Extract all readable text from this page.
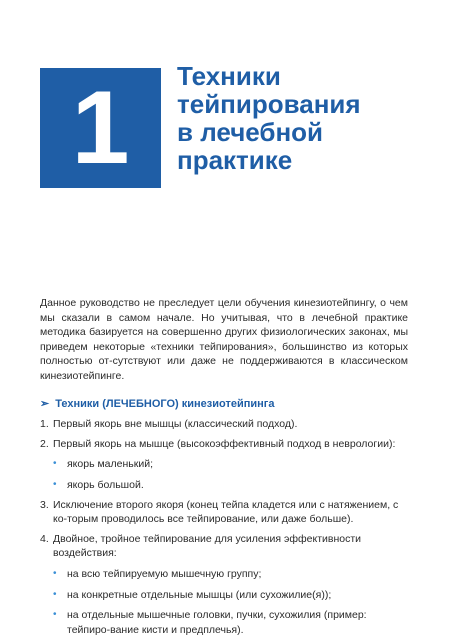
1 Техники
тейпирования
в лечебной
практике

Данное руководство не преследует цели обучения кинезиотейпингу, о чем мы сказали в самом начале. Но учитывая, что в лечебной практике методика базируется на совершенно других физиологических законах, мы приведем некоторые «техники тейпирования», большинство из которых полностью от-сутствуют или даже не поддерживаются в классическом кинезиотейпинге.

➢ Техники (ЛЕЧЕБНОГО) кинезиотейпинга
1. Первый якорь вне мышцы (классический подход).
2. Первый якорь на мышце (высокоэффективный подход в неврологии):
• якорь маленький;
• якорь большой.
3. Исключение второго якоря (конец тейпа кладется или с натяжением, с ко-торым проводилось все тейпирование, или даже больше).
4. Двойное, тройное тейпирование для усиления эффективности воздействия:
• на всю тейпируемую мышечную группу;
• на конкретные отдельные мышцы (или сухожилие(я));
• на отдельные мышечные головки, пучки, сухожилия (пример: тейпиро-вание кисти и предплечья).
